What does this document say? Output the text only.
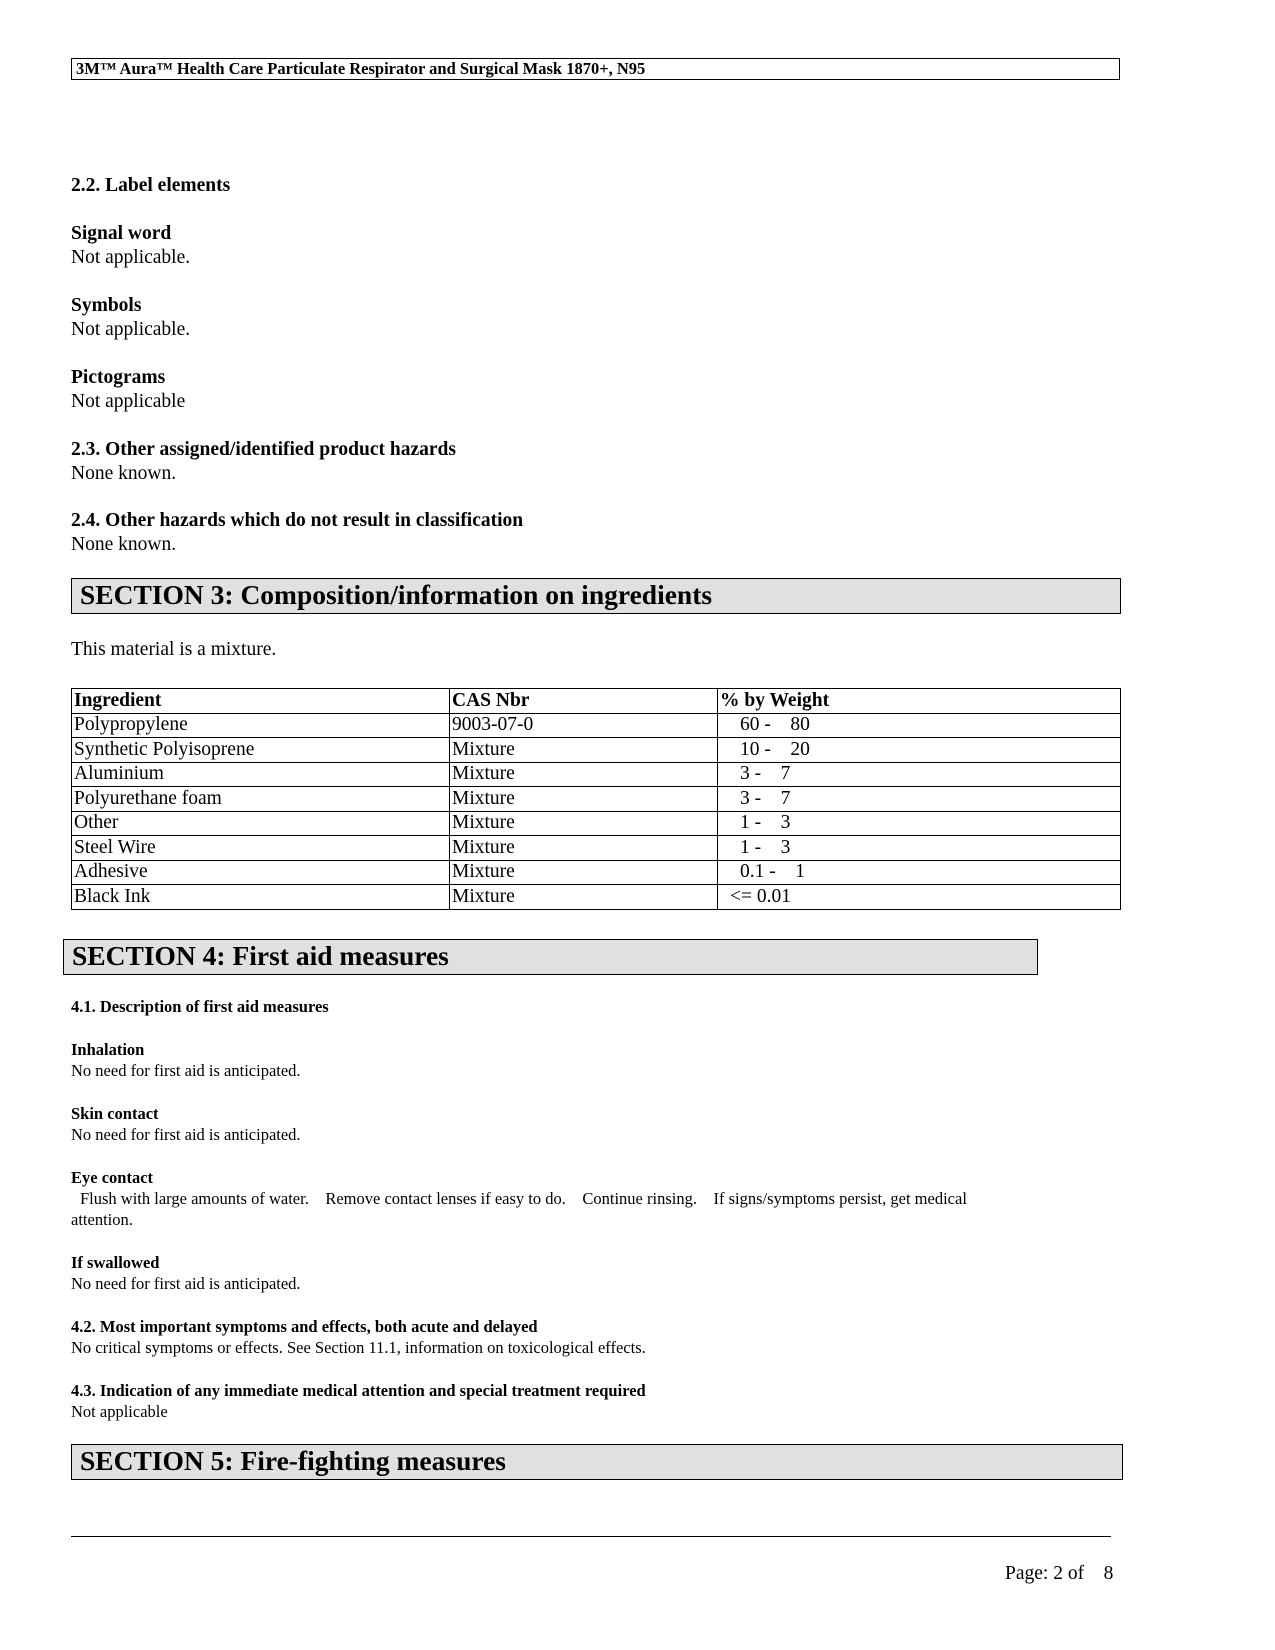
3M™ Aura™ Health Care Particulate Respirator and Surgical Mask 1870+, N95
2.2. Label elements
Signal word
Not applicable.
Symbols
Not applicable.
Pictograms
Not applicable
2.3. Other assigned/identified product hazards
None known.
2.4. Other hazards which do not result in classification
None known.
SECTION 3: Composition/information on ingredients
This material is a mixture.
Ingredient	CAS Nbr	% by Weight
Polypropylene	9003-07-0	60 -    80
Synthetic Polyisoprene	Mixture	10 -    20
Aluminium	Mixture	3 -    7
Polyurethane foam	Mixture	3 -    7
Other	Mixture	1 -    3
Steel Wire	Mixture	1 -    3
Adhesive	Mixture	0.1 -    1
Black Ink	Mixture	<= 0.01
SECTION 4: First aid measures
4.1. Description of first aid measures
Inhalation
No need for first aid is anticipated.
Skin contact
No need for first aid is anticipated.
Eye contact
Flush with large amounts of water.    Remove contact lenses if easy to do.    Continue rinsing.    If signs/symptoms persist, get medical
attention.
If swallowed
No need for first aid is anticipated.
4.2. Most important symptoms and effects, both acute and delayed
No critical symptoms or effects. See Section 11.1, information on toxicological effects.
4.3. Indication of any immediate medical attention and special treatment required
Not applicable
SECTION 5: Fire-fighting measures
Page: 2 of    8
